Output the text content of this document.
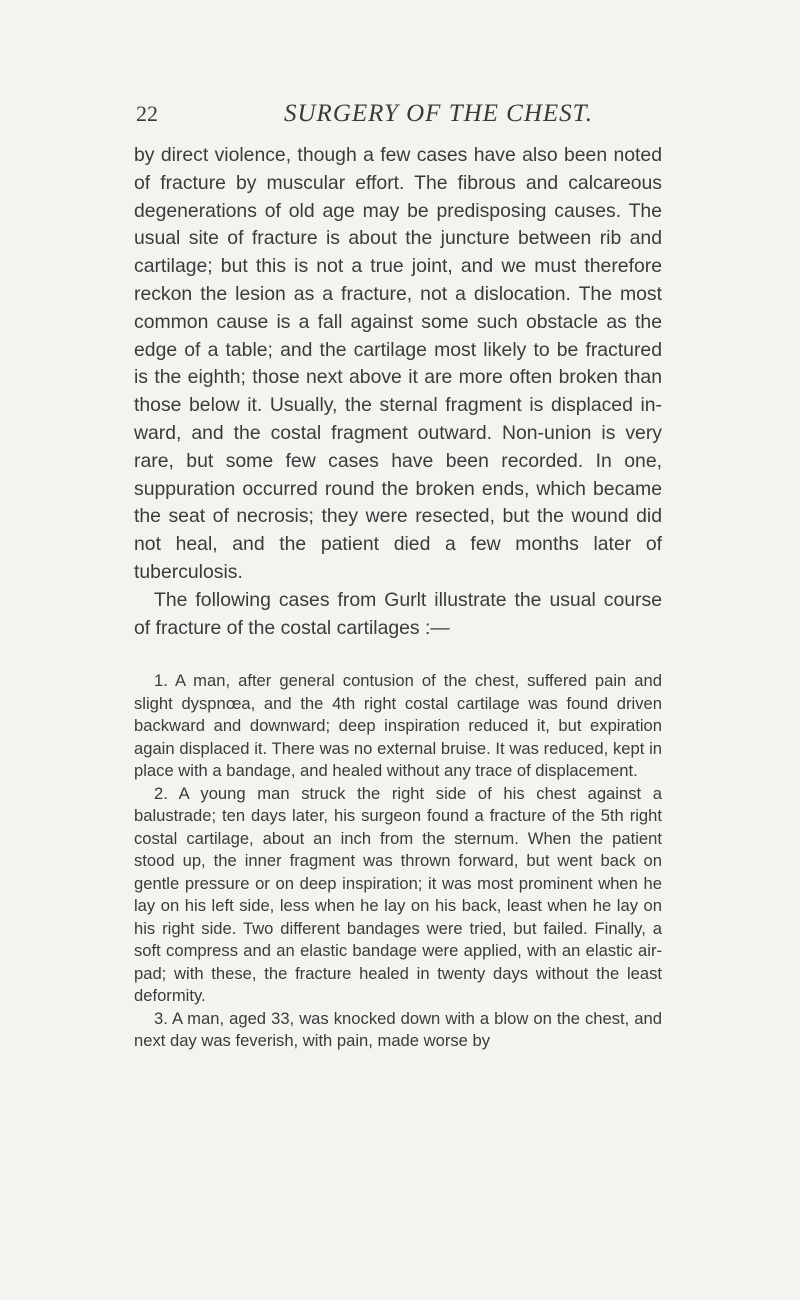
22	SURGERY OF THE CHEST.

by direct violence, though a few cases have also been noted of fracture by muscular effort. The fibrous and calcareous degenerations of old age may be predisposing causes. The usual site of fracture is about the juncture between rib and cartilage; but this is not a true joint, and we must therefore reckon the lesion as a fracture, not a dislocation. The most common cause is a fall against some such obstacle as the edge of a table; and the cartilage most likely to be fractured is the eighth; those next above it are more often broken than those below it. Usually, the sternal fragment is displaced in-ward, and the costal fragment outward. Non-union is very rare, but some few cases have been recorded. In one, suppuration occurred round the broken ends, which became the seat of necrosis; they were resected, but the wound did not heal, and the patient died a few months later of tuberculosis.

The following cases from Gurlt illustrate the usual course of fracture of the costal cartilages :—

1. A man, after general contusion of the chest, suffered pain and slight dyspnœa, and the 4th right costal cartilage was found driven backward and downward; deep inspiration reduced it, but expiration again displaced it. There was no external bruise. It was reduced, kept in place with a bandage, and healed without any trace of displacement.

2. A young man struck the right side of his chest against a balustrade; ten days later, his surgeon found a fracture of the 5th right costal cartilage, about an inch from the sternum. When the patient stood up, the inner fragment was thrown forward, but went back on gentle pressure or on deep inspiration; it was most prominent when he lay on his left side, less when he lay on his back, least when he lay on his right side. Two different bandages were tried, but failed. Finally, a soft compress and an elastic bandage were applied, with an elastic air-pad; with these, the fracture healed in twenty days without the least deformity.

3. A man, aged 33, was knocked down with a blow on the chest, and next day was feverish, with pain, made worse by
